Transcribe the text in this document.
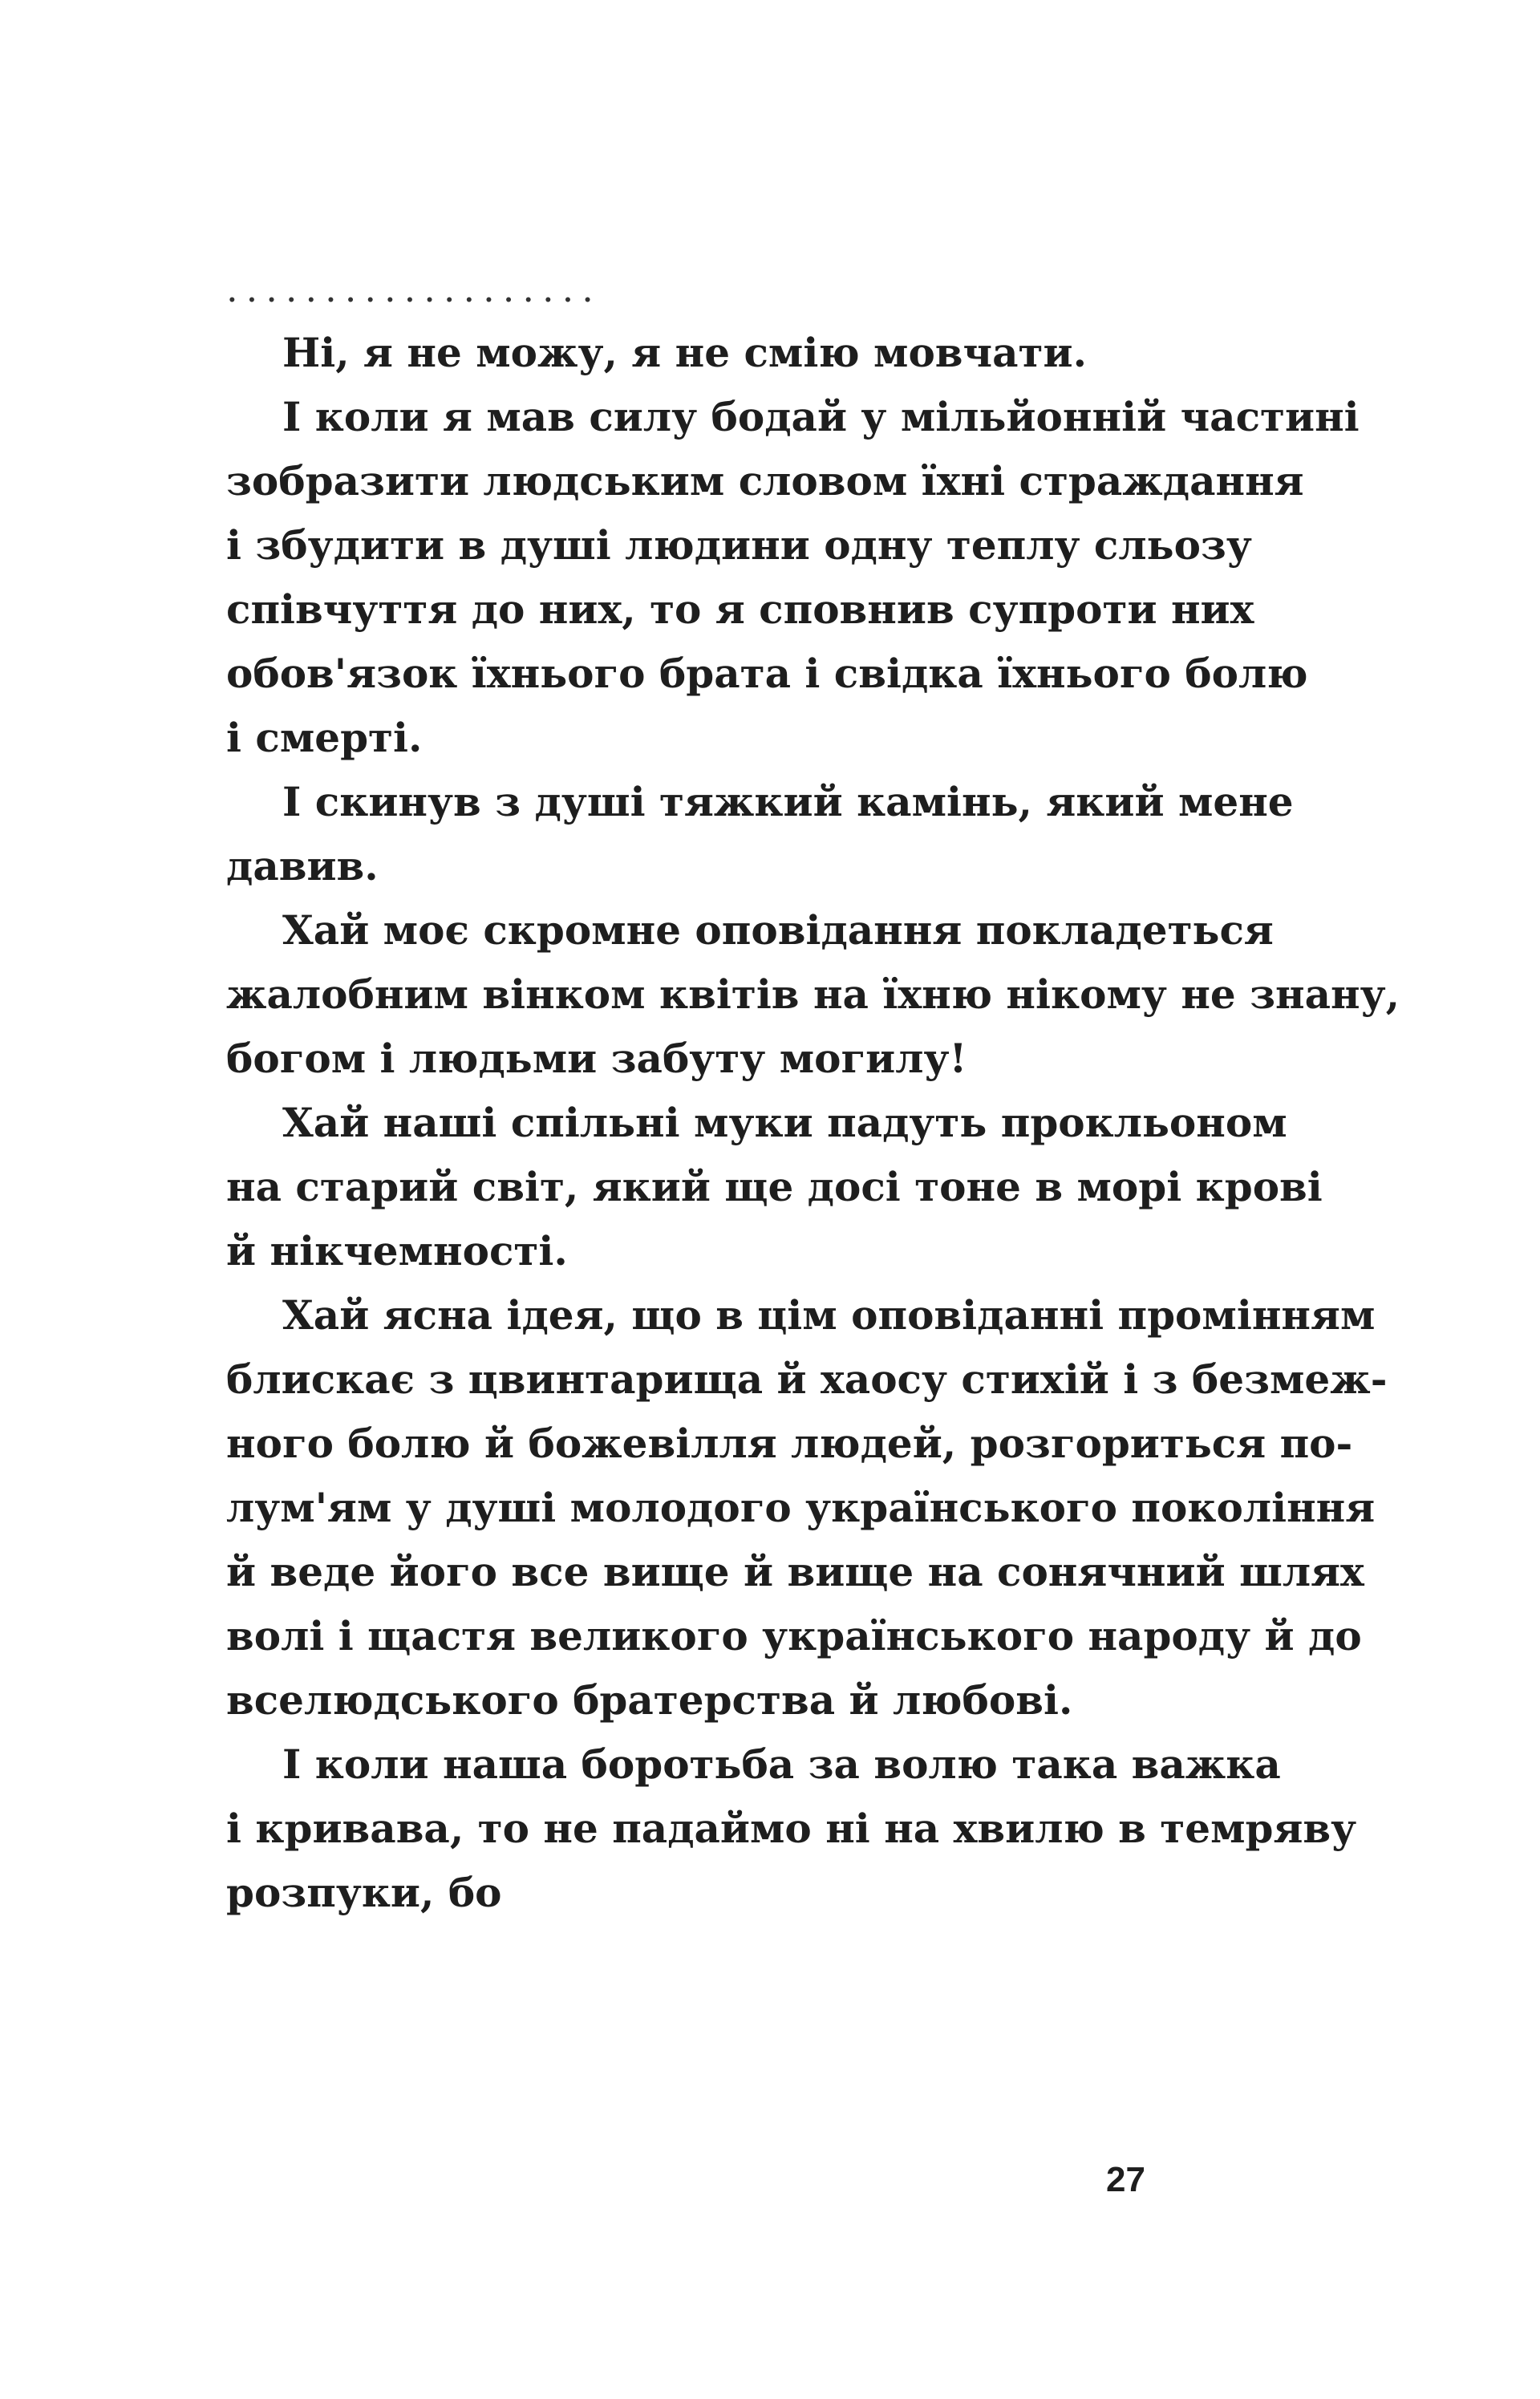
...................
Ні, я не можу, я не смію мовчати.
І коли я мав силу бодай у мільйонній частині
зобразити людським словом їхні страждання
і збудити в душі людини одну теплу сльозу
співчуття до них, то я сповнив супроти них
обов'язок їхнього брата і свідка їхнього болю
і смерті.
І скинув з душі тяжкий камінь, який мене
давив.
Хай моє скромне оповідання покладеться
жалобним вінком квітів на їхню нікому не знану,
богом і людьми забуту могилу!
Хай наші спільні муки падуть прокльоном
на старий світ, який ще досі тоне в морі крові
й нікчемності.
Хай ясна ідея, що в цім оповіданні промінням
блискає з цвинтарища й хаосу стихій і з безмеж-
ного болю й божевілля людей, розгориться по-
лум'ям у душі молодого українського покоління
й веде його все вище й вище на сонячний шлях
волі і щастя великого українського народу й до
вселюдського братерства й любові.
І коли наша боротьба за волю така важка
і кривава, то не падаймо ні на хвилю в темряву
розпуки, бо
27
